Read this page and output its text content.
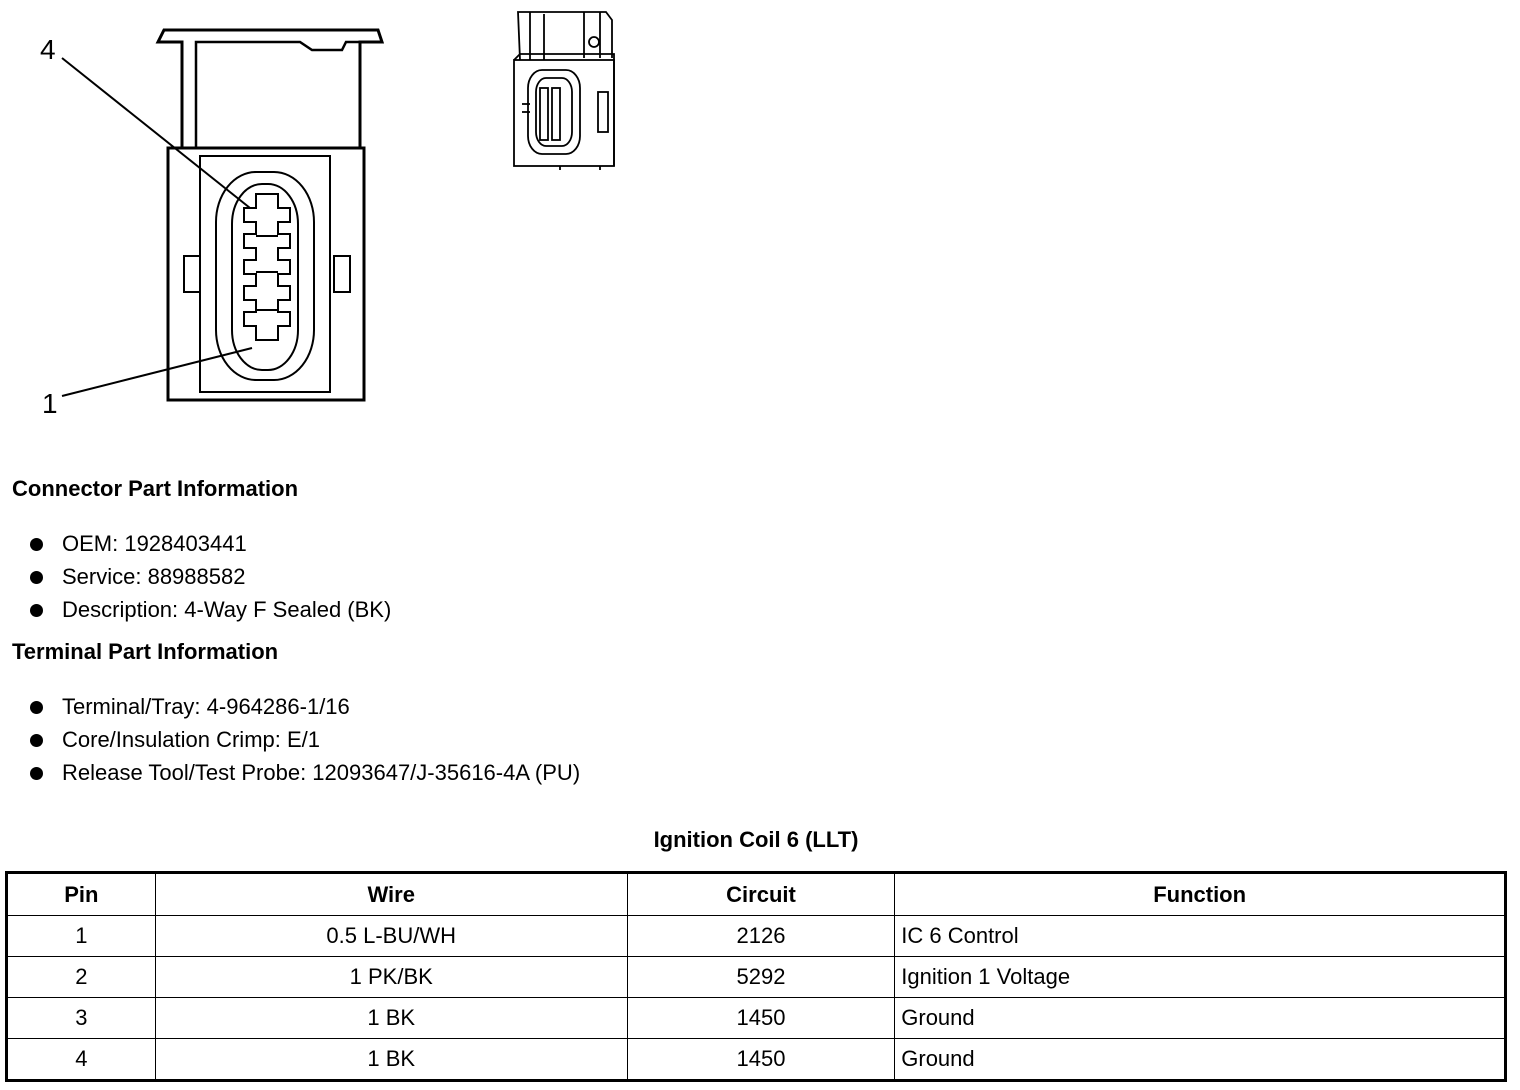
4
1
Connector Part Information
OEM: 1928403441
Service: 88988582
Description: 4-Way F Sealed (BK)
Terminal Part Information
Terminal/Tray: 4-964286-1/16
Core/Insulation Crimp: E/1
Release Tool/Test Probe: 12093647/J-35616-4A (PU)
Ignition Coil 6 (LLT)
Pin	Wire	Circuit	Function
1	0.5 L-BU/WH	2126	IC 6 Control
2	1 PK/BK	5292	Ignition 1 Voltage
3	1 BK	1450	Ground
4	1 BK	1450	Ground
